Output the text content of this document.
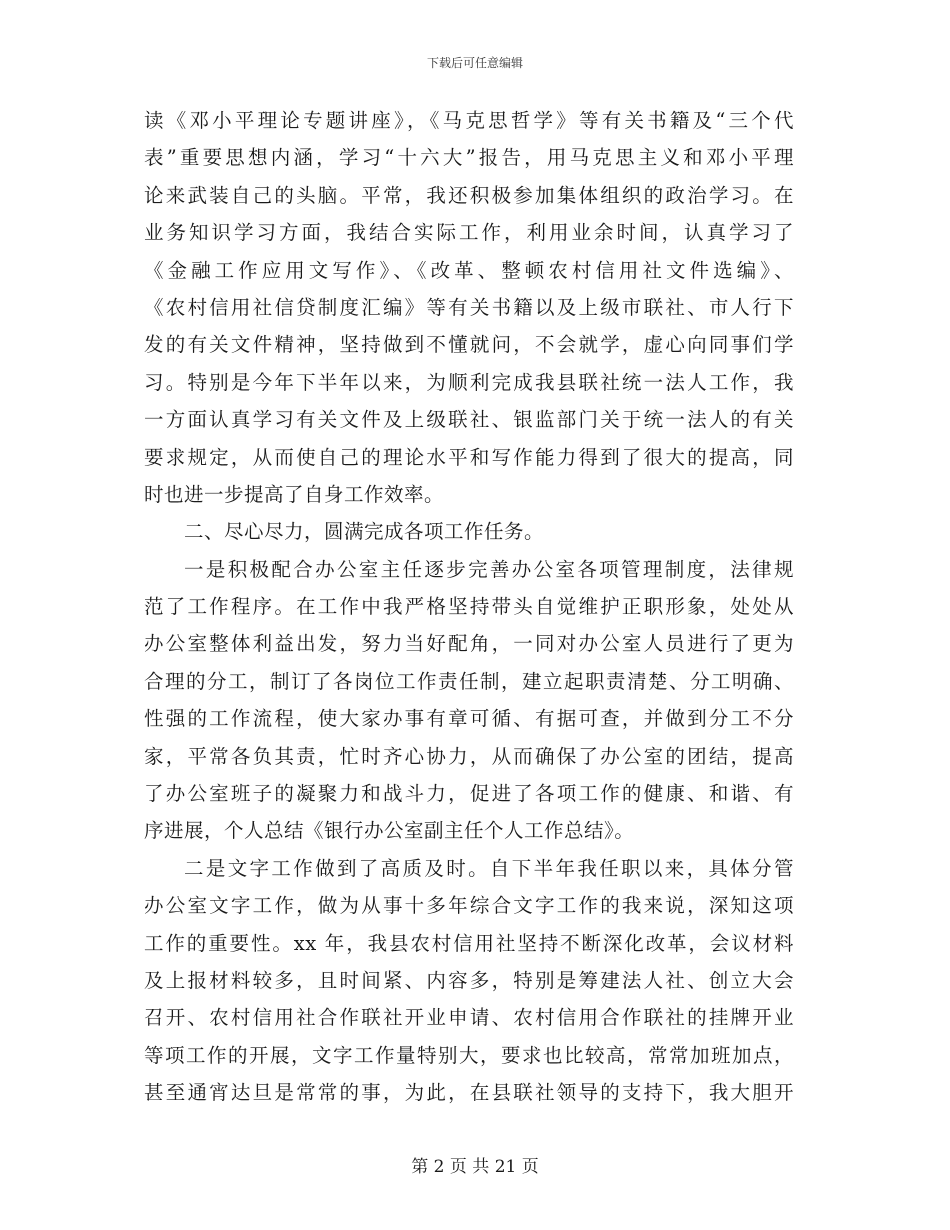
下载后可任意编辑
读《邓小平理论专题讲座》，《马克思哲学》等有关书籍及“三个代
表”重要思想内涵，学习“十六大”报告，用马克思主义和邓小平理
论来武装自己的头脑。平常，我还积极参加集体组织的政治学习。在
业务知识学习方面，我结合实际工作，利用业余时间，认真学习了
《金融工作应用文写作》、《改革、整顿农村信用社文件选编》、
《农村信用社信贷制度汇编》等有关书籍以及上级市联社、市人行下
发的有关文件精神，坚持做到不懂就问，不会就学，虚心向同事们学
习。特别是今年下半年以来，为顺利完成我县联社统一法人工作，我
一方面认真学习有关文件及上级联社、银监部门关于统一法人的有关
要求规定，从而使自己的理论水平和写作能力得到了很大的提高，同
时也进一步提高了自身工作效率。
二、尽心尽力，圆满完成各项工作任务。
一是积极配合办公室主任逐步完善办公室各项管理制度，法律规
范了工作程序。在工作中我严格坚持带头自觉维护正职形象，处处从
办公室整体利益出发，努力当好配角，一同对办公室人员进行了更为
合理的分工，制订了各岗位工作责任制，建立起职责清楚、分工明确、
性强的工作流程，使大家办事有章可循、有据可查，并做到分工不分
家，平常各负其责，忙时齐心协力，从而确保了办公室的团结，提高
了办公室班子的凝聚力和战斗力，促进了各项工作的健康、和谐、有
序进展，个人总结《银行办公室副主任个人工作总结》。
二是文字工作做到了高质及时。自下半年我任职以来，具体分管
办公室文字工作，做为从事十多年综合文字工作的我来说，深知这项
工作的重要性。xx 年，我县农村信用社坚持不断深化改革，会议材料
及上报材料较多，且时间紧、内容多，特别是筹建法人社、创立大会
召开、农村信用社合作联社开业申请、农村信用合作联社的挂牌开业
等项工作的开展，文字工作量特别大，要求也比较高，常常加班加点，
甚至通宵达旦是常常的事，为此，在县联社领导的支持下，我大胆开
第 2 页 共 21 页
